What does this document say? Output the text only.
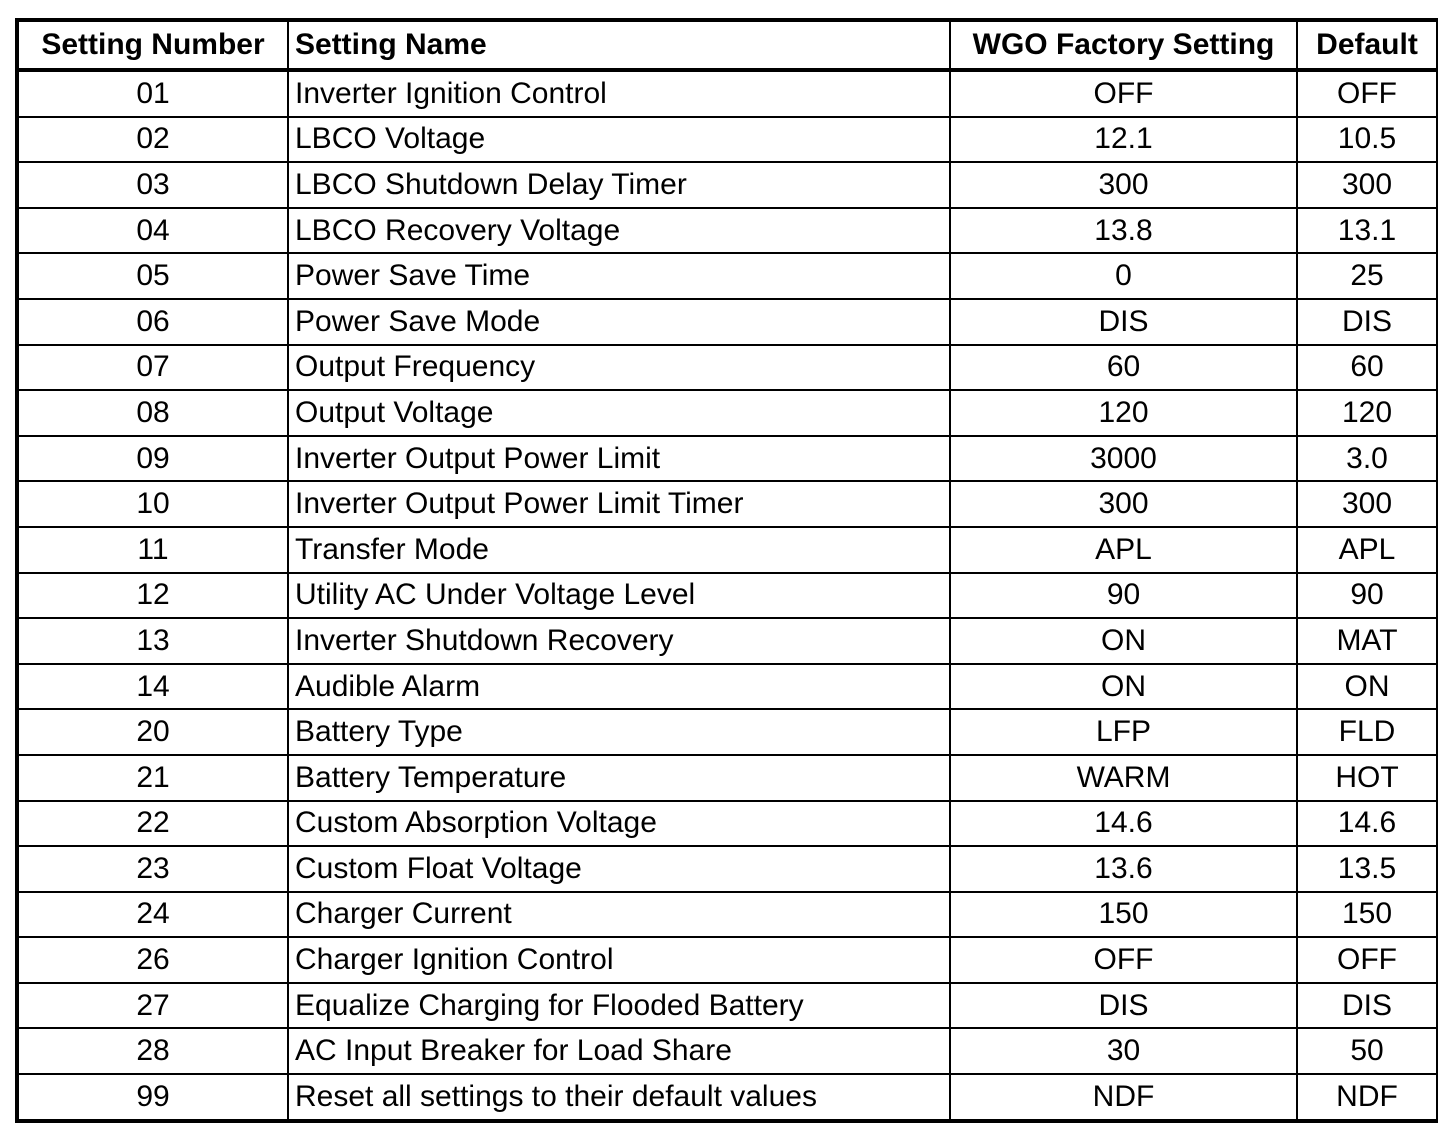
Setting Number	Setting Name	WGO Factory Setting	Default
01	Inverter Ignition Control	OFF	OFF
02	LBCO Voltage	12.1	10.5
03	LBCO Shutdown Delay Timer	300	300
04	LBCO Recovery Voltage	13.8	13.1
05	Power Save Time	0	25
06	Power Save Mode	DIS	DIS
07	Output Frequency	60	60
08	Output Voltage	120	120
09	Inverter Output Power Limit	3000	3.0
10	Inverter Output Power Limit Timer	300	300
11	Transfer Mode	APL	APL
12	Utility AC Under Voltage Level	90	90
13	Inverter Shutdown Recovery	ON	MAT
14	Audible Alarm	ON	ON
20	Battery Type	LFP	FLD
21	Battery Temperature	WARM	HOT
22	Custom Absorption Voltage	14.6	14.6
23	Custom Float Voltage	13.6	13.5
24	Charger Current	150	150
26	Charger Ignition Control	OFF	OFF
27	Equalize Charging for Flooded Battery	DIS	DIS
28	AC Input Breaker for Load Share	30	50
99	Reset all settings to their default values	NDF	NDF
